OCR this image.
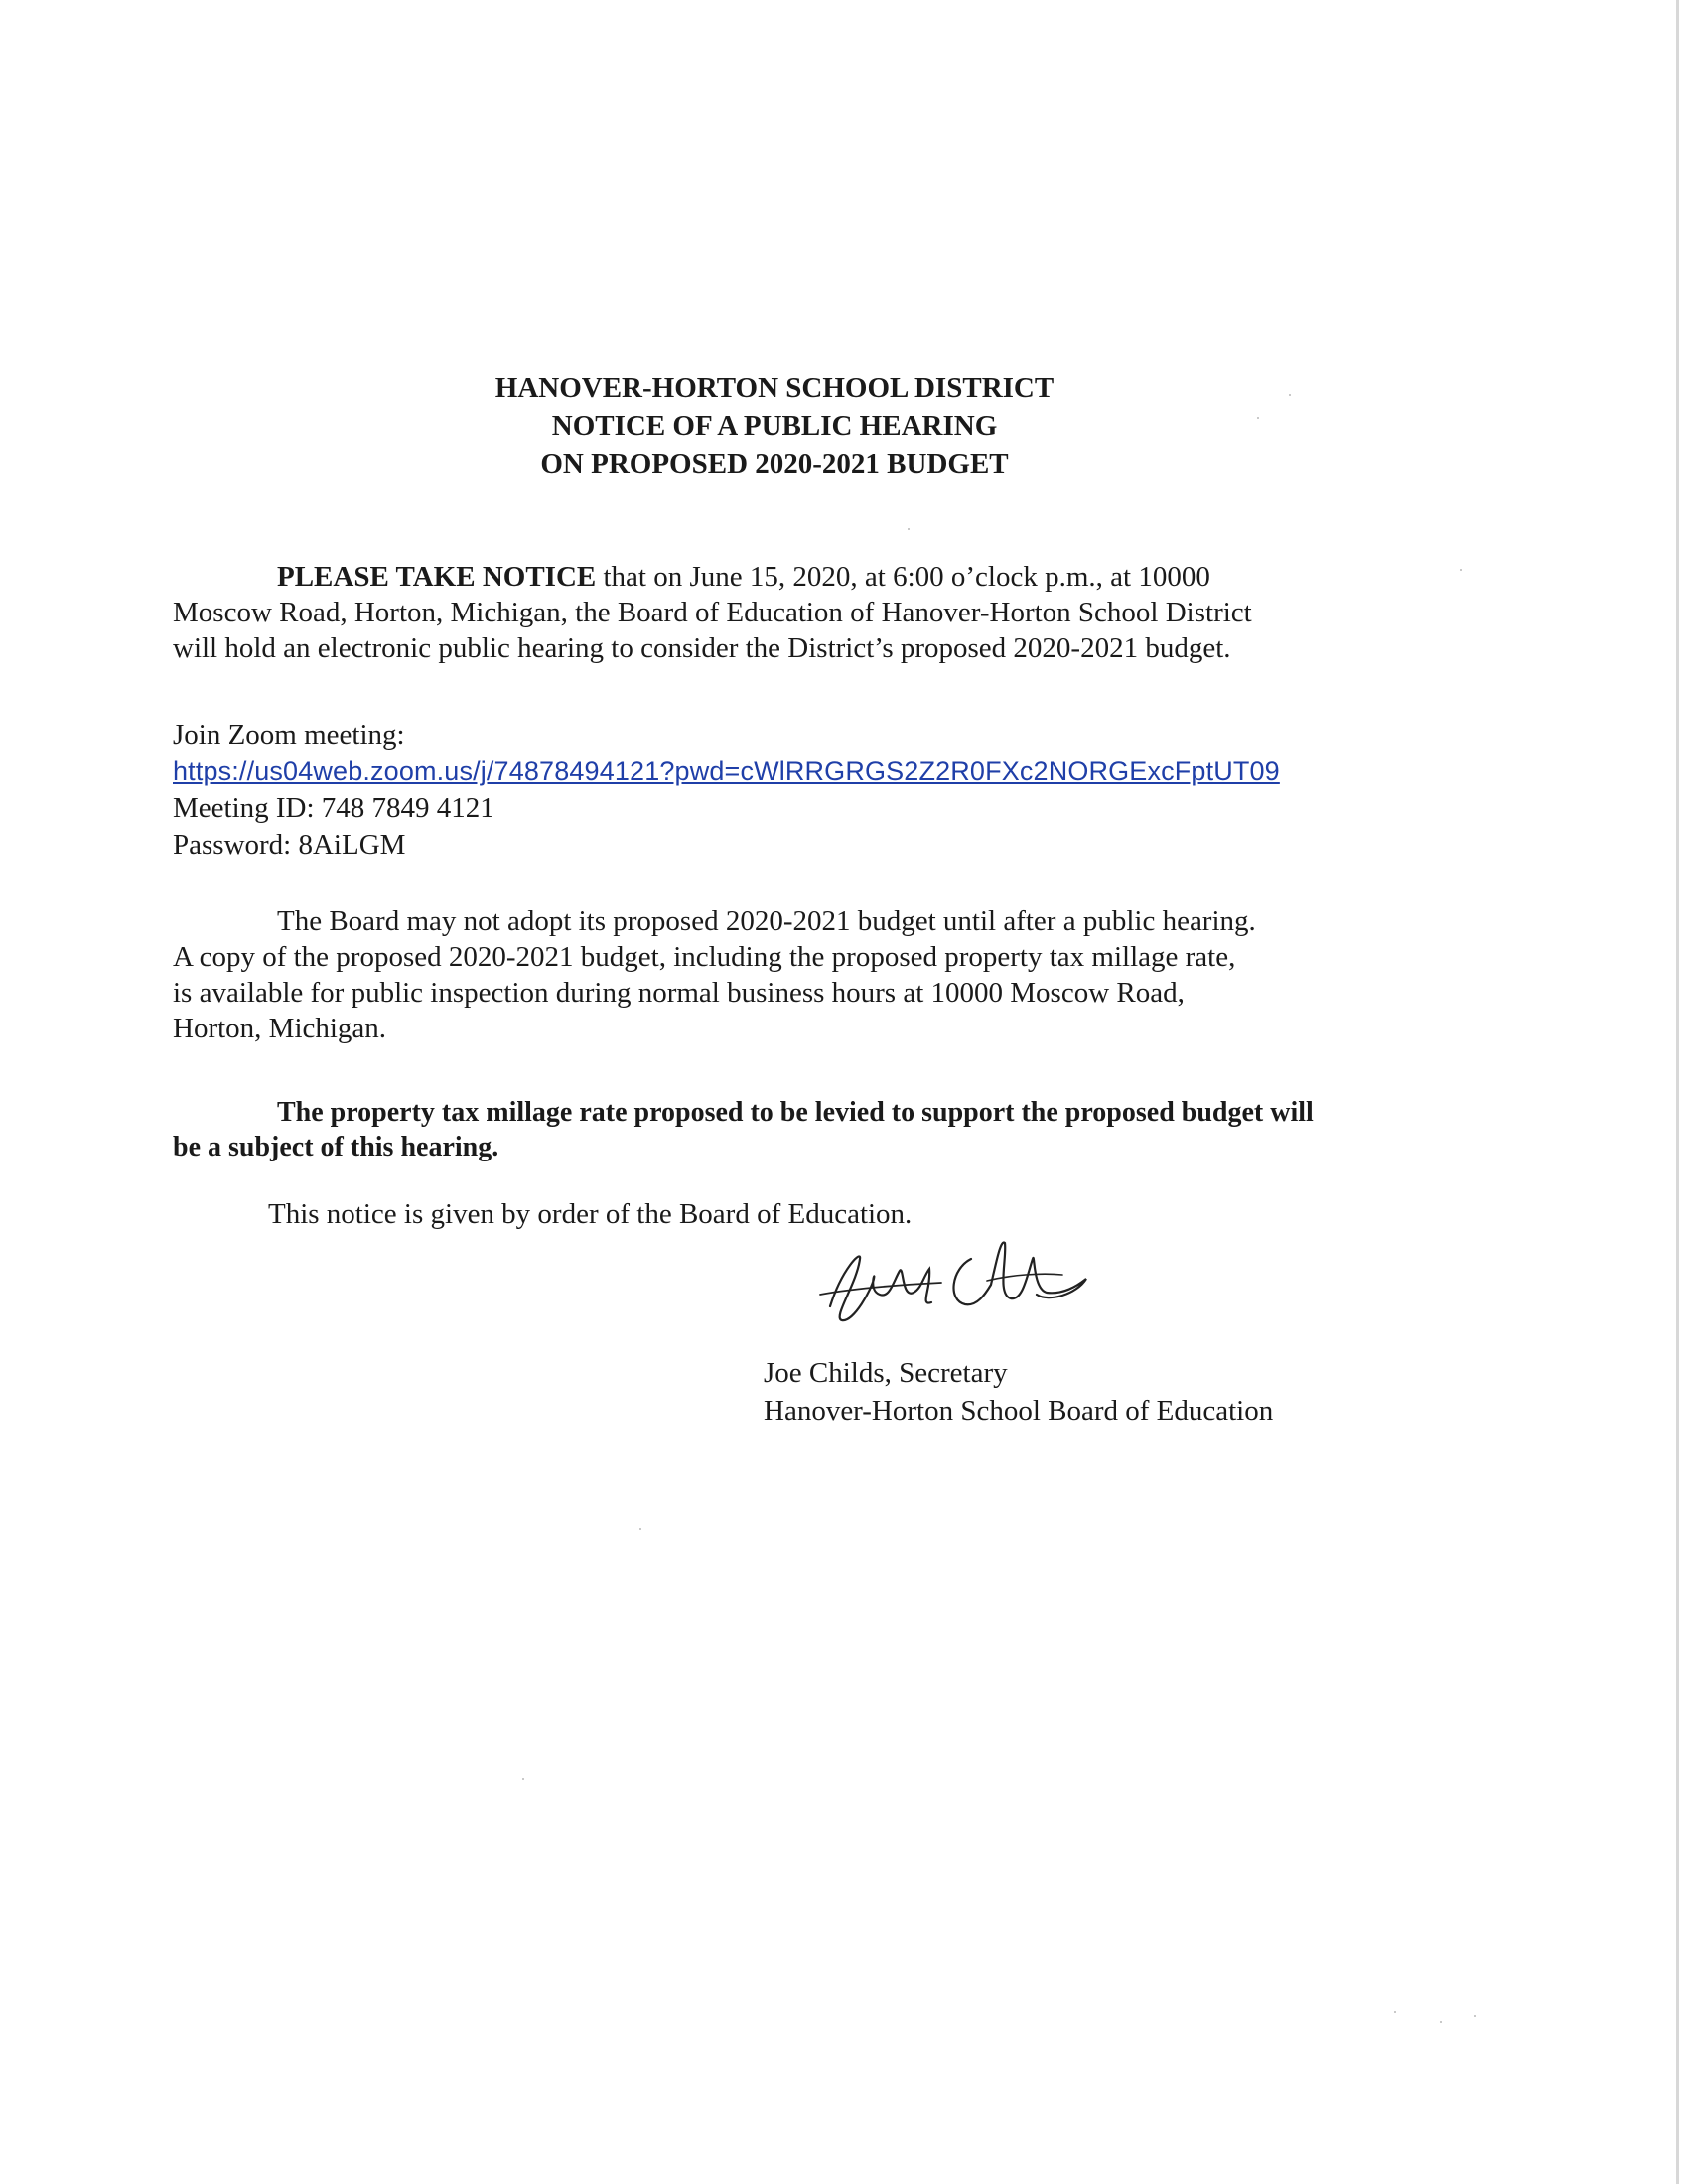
HANOVER-HORTON SCHOOL DISTRICT
NOTICE OF A PUBLIC HEARING
ON PROPOSED 2020-2021 BUDGET
PLEASE TAKE NOTICE that on June 15, 2020, at 6:00 o’clock p.m., at 10000
Moscow Road, Horton, Michigan, the Board of Education of Hanover-Horton School District
will hold an electronic public hearing to consider the District’s proposed 2020-2021 budget.
Join Zoom meeting:
https://us04web.zoom.us/j/74878494121?pwd=cWlRRGRGS2Z2R0FXc2NORGExcFptUT09
Meeting ID: 748 7849 4121
Password: 8AiLGM
The Board may not adopt its proposed 2020-2021 budget until after a public hearing.
A copy of the proposed 2020-2021 budget, including the proposed property tax millage rate,
is available for public inspection during normal business hours at 10000 Moscow Road,
Horton, Michigan.
The property tax millage rate proposed to be levied to support the proposed budget will
be a subject of this hearing.
This notice is given by order of the Board of Education.
Joe Childs, Secretary
Hanover-Horton School Board of Education
